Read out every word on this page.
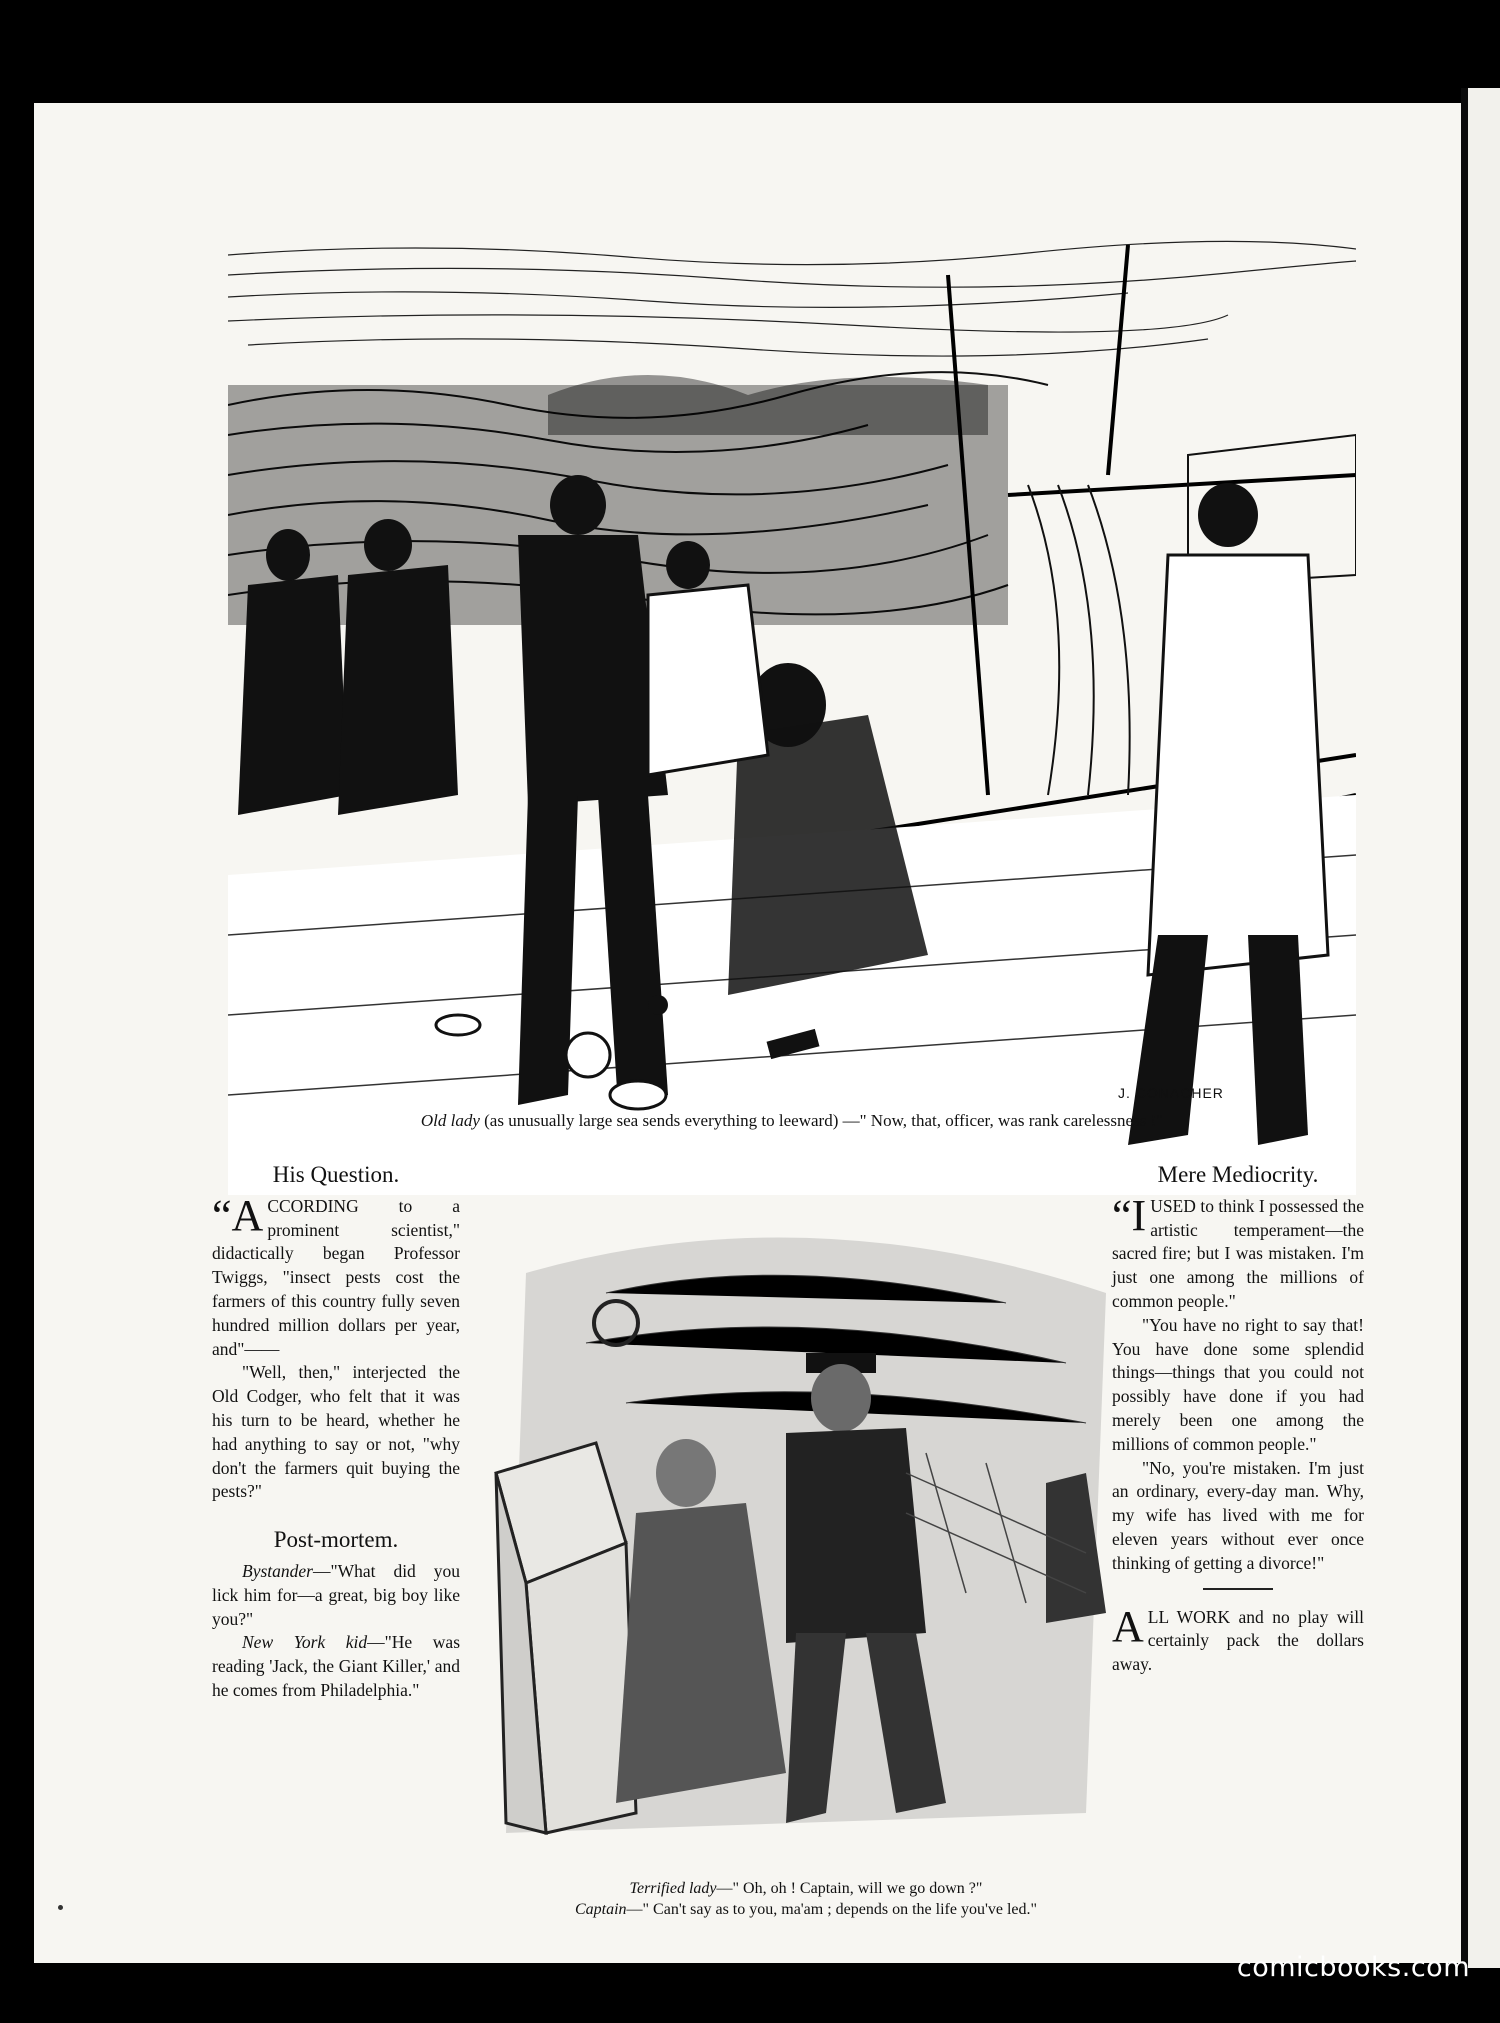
J. CONACHER
Old lady (as unusually large sea sends everything to leeward) —" Now, that, officer, was rank carelessness !"
His Question.

“A CCORDING to a prominent scientist," didactically began Professor Twiggs, "insect pests cost the farmers of this country fully seven hundred million dollars per year, and"——

"Well, then," interjected the Old Codger, who felt that it was his turn to be heard, whether he had anything to say or not, "why don't the farmers quit buying the pests?"

Post-mortem.

Bystander—"What did you lick him for—a great, big boy like you?"

New York kid—"He was reading 'Jack, the Giant Killer,' and he comes from Philadelphia."

Terrified lady—" Oh, oh ! Captain, will we go down ?"
Captain—" Can't say as to you, ma'am ; depends on the life you've led."
Mere Mediocrity.

“I USED to think I possessed the artistic temperament—the sacred fire; but I was mistaken. I'm just one among the millions of common people."

"You have no right to say that! You have done some splendid things—things that you could not possibly have done if you had merely been one among the millions of common people."

"No, you're mistaken. I'm just an ordinary, every-day man. Why, my wife has lived with me for eleven years without ever once thinking of getting a divorce!"

ALL WORK and no play will certainly pack the dollars away.

comicbooks.com
